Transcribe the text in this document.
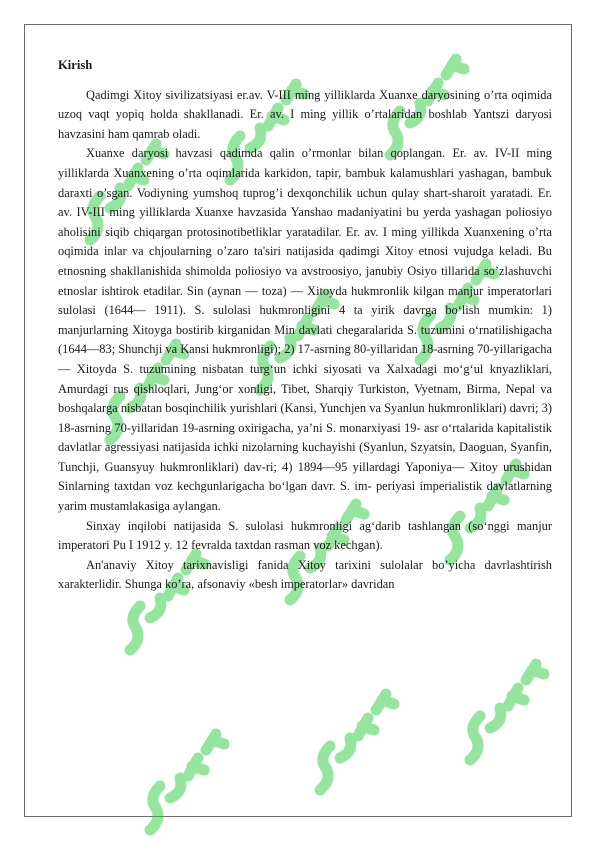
Kirish

Qadimgi Xitoy sivilizatsiyasi er.av. V-III ming yilliklarda Xuanxe daryosining o’rta oqimida uzoq vaqt yopiq holda shakllanadi. Er. av. I ming yillik o’rtalaridan boshlab Yantszi daryosi havzasini ham qamrab oladi.

Xuanxe daryosi havzasi qadimda qalin o’rmonlar bilan qoplangan. Er. av. IV-II ming yilliklarda Xuanxening o’rta oqimlarida karkidon, tapir, bambuk kalamushlari yashagan, bambuk daraxti o’sgan. Vodiyning yumshoq tuprog’i dexqonchilik uchun qulay shart-sharoit yaratadi. Er. av. IV-III ming yilliklarda Xuanxe havzasida Yanshao madaniyatini bu yerda yashagan poliosiyo aholisini siqib chiqargan protosinotibetliklar yaratadilar. Er. av. I ming yillikda Xuanxening o’rta oqimida inlar va chjoularning o’zaro ta'siri natijasida qadimgi Xitoy etnosi vujudga keladi. Bu etnosning shakllanishida shimolda poliosiyo va avstroosiyo, janubiy Osiyo tillarida so’zlashuvchi etnoslar ishtirok etadilar. Sin (aynan — toza) — Xitoyda hukmronlik kilgan manjur imperatorlari sulolasi (1644— 1911). S. sulolasi hukmronligini 4 ta yirik davrga bo‘lish mumkin: 1) manjurlarning Xitoyga bostirib kirganidan Min davlati chegaralarida S. tuzumini o‘rnatilishigacha (1644—83; Shunchji va Kansi hukmronligi); 2) 17-asrning 80-yillaridan 18-asrning 70-yillarigacha — Xitoyda S. tuzumining nisbatan turg‘un ichki siyosati va Xalxadagi mo‘g‘ul knyazliklari, Amurdagi rus qishloqlari, Jung‘or xonligi, Tibet, Sharqiy Turkiston, Vyetnam, Birma, Nepal va boshqalarga nisbatan bosqinchilik yurishlari (Kansi, Yunchjen va Syanlun hukmronliklari) davri; 3) 18-asrning 70-yillaridan 19-asrning oxirigacha, ya’ni S. monarxiyasi 19- asr o‘rtalarida kapitalistik davlatlar agressiyasi natijasida ichki nizolarning kuchayishi (Syanlun, Szyatsin, Daoguan, Syanfin, Tunchji, Guansyuy hukmronliklari) dav-ri; 4) 1894—95 yillardagi Yaponiya— Xitoy urushidan Sinlarning taxtdan voz kechgunlarigacha bo‘lgan davr. S. im- periyasi imperialistik davlatlarning yarim mustamlakasiga aylangan.

Sinxay inqilobi natijasida S. sulolasi hukmronligi ag‘darib tashlangan (so‘nggi manjur imperatori Pu I 1912 y. 12 fevralda taxtdan rasman voz kechgan).

An'anaviy Xitoy tarixnavisligi fanida Xitoy tarixini sulolalar bo’yicha davrlashtirish xarakterlidir. Shunga ko’ra, afsonaviy «besh imperatorlar» davridan
